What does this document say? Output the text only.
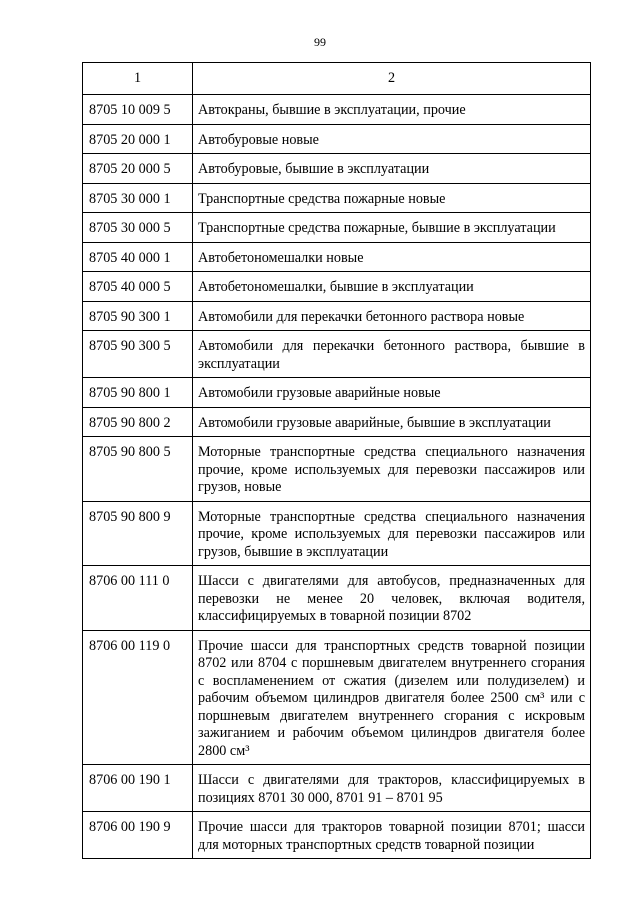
99
1	2
8705 10 009 5	Автокраны, бывшие в эксплуатации, прочие
8705 20 000 1	Автобуровые новые
8705 20 000 5	Автобуровые, бывшие в эксплуатации
8705 30 000 1	Транспортные средства пожарные новые
8705 30 000 5	Транспортные средства пожарные, бывшие в эксплуатации
8705 40 000 1	Автобетономешалки новые
8705 40 000 5	Автобетономешалки, бывшие в эксплуатации
8705 90 300 1	Автомобили для перекачки бетонного раствора новые
8705 90 300 5	Автомобили для перекачки бетонного раствора, бывшие в эксплуатации
8705 90 800 1	Автомобили грузовые аварийные новые
8705 90 800 2	Автомобили грузовые аварийные, бывшие в эксплуатации
8705 90 800 5	Моторные транспортные средства специального назначения прочие, кроме используемых для перевозки пассажиров или грузов, новые
8705 90 800 9	Моторные транспортные средства специального назначения прочие, кроме используемых для перевозки пассажиров или грузов, бывшие в эксплуатации
8706 00 111 0	Шасси с двигателями для автобусов, предназначенных для перевозки не менее 20 человек, включая водителя, классифицируемых в товарной позиции 8702
8706 00 119 0	Прочие шасси для транспортных средств товарной позиции 8702 или 8704 с поршневым двигателем внутреннего сгорания с воспламенением от сжатия (дизелем или полудизелем) и рабочим объемом цилиндров двигателя более 2500 см³ или с поршневым двигателем внутреннего сгорания с искровым зажиганием и рабочим объемом цилиндров двигателя более 2800 см³
8706 00 190 1	Шасси с двигателями для тракторов, классифицируемых в позициях 8701 30 000, 8701 91 – 8701 95
8706 00 190 9	Прочие шасси для тракторов товарной позиции 8701; шасси для моторных транспортных средств товарной позиции
